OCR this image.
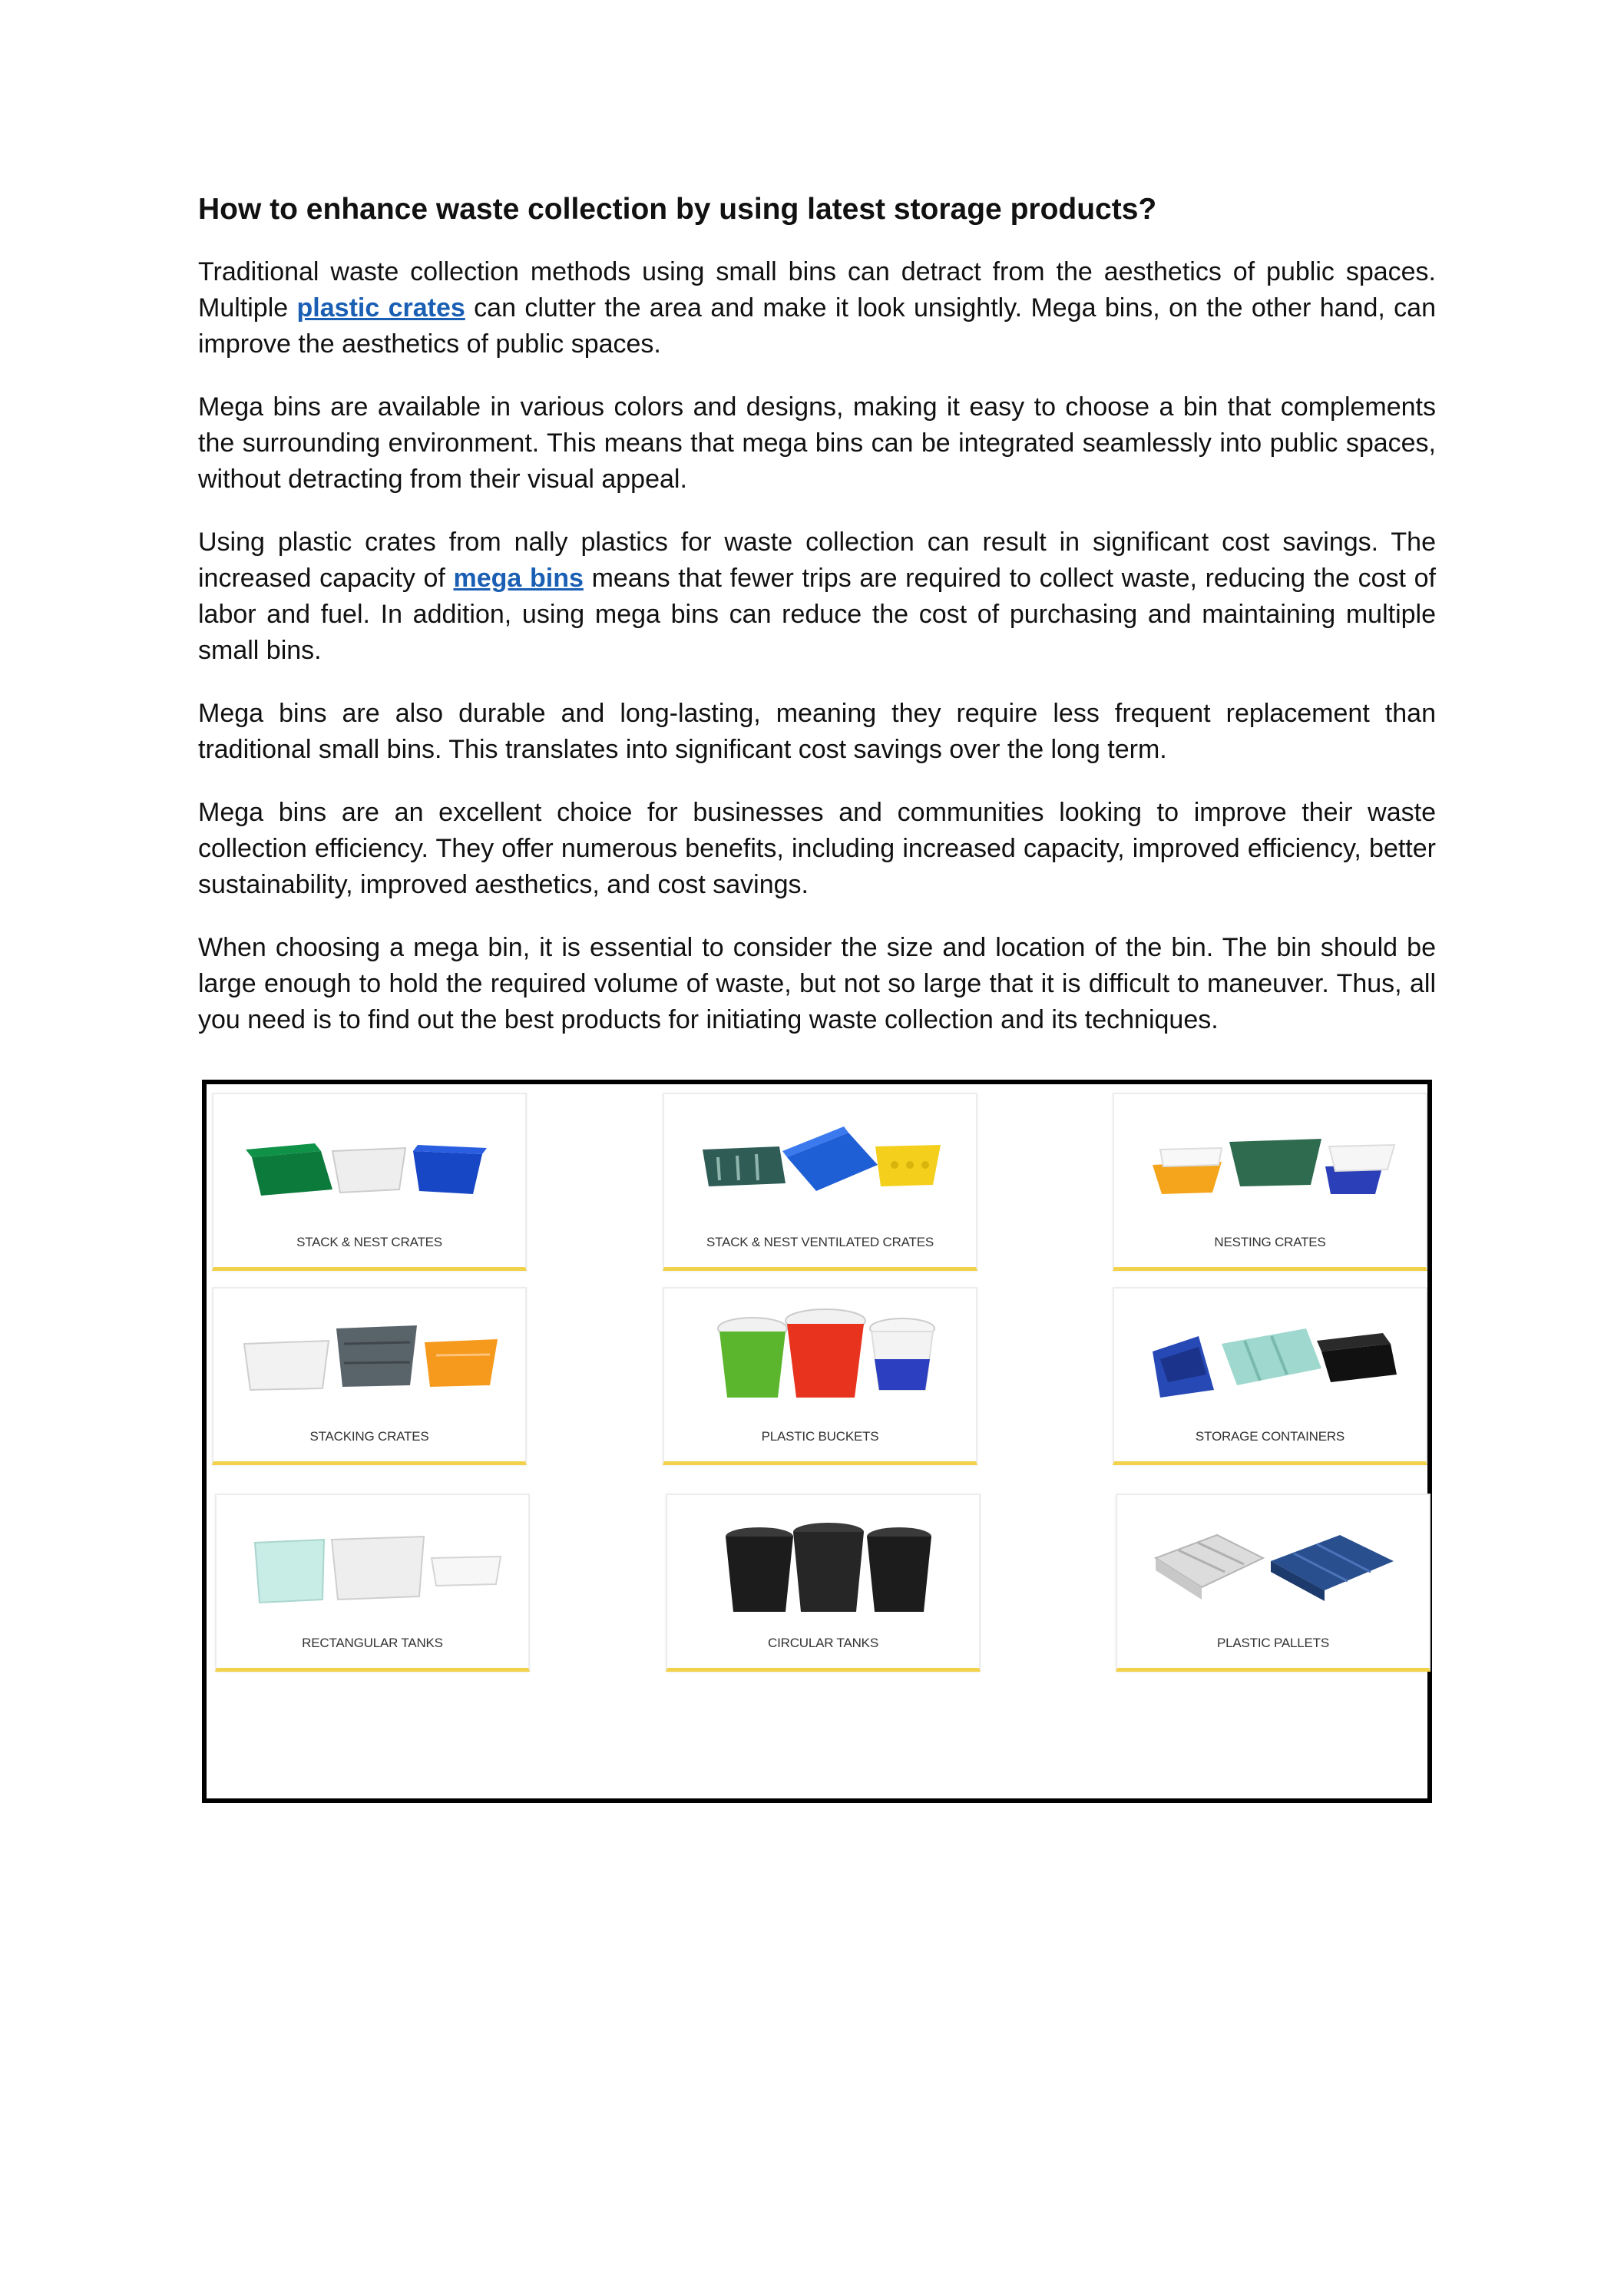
How to enhance waste collection by using latest storage products?

Traditional waste collection methods using small bins can detract from the aesthetics of public spaces. Multiple plastic crates can clutter the area and make it look unsightly. Mega bins, on the other hand, can improve the aesthetics of public spaces.

Mega bins are available in various colors and designs, making it easy to choose a bin that complements the surrounding environment. This means that mega bins can be integrated seamlessly into public spaces, without detracting from their visual appeal.

Using plastic crates from nally plastics for waste collection can result in significant cost savings. The increased capacity of mega bins means that fewer trips are required to collect waste, reducing the cost of labor and fuel. In addition, using mega bins can reduce the cost of purchasing and maintaining multiple small bins.

Mega bins are also durable and long-lasting, meaning they require less frequent replacement than traditional small bins. This translates into significant cost savings over the long term.

Mega bins are an excellent choice for businesses and communities looking to improve their waste collection efficiency. They offer numerous benefits, including increased capacity, improved efficiency, better sustainability, improved aesthetics, and cost savings.

When choosing a mega bin, it is essential to consider the size and location of the bin. The bin should be large enough to hold the required volume of waste, but not so large that it is difficult to maneuver. Thus, all you need is to find out the best products for initiating waste collection and its techniques.

STACK & NEST CRATES	STACK & NEST VENTILATED CRATES	NESTING CRATES
STACKING CRATES	PLASTIC BUCKETS	STORAGE CONTAINERS
RECTANGULAR TANKS	CIRCULAR TANKS	PLASTIC PALLETS
